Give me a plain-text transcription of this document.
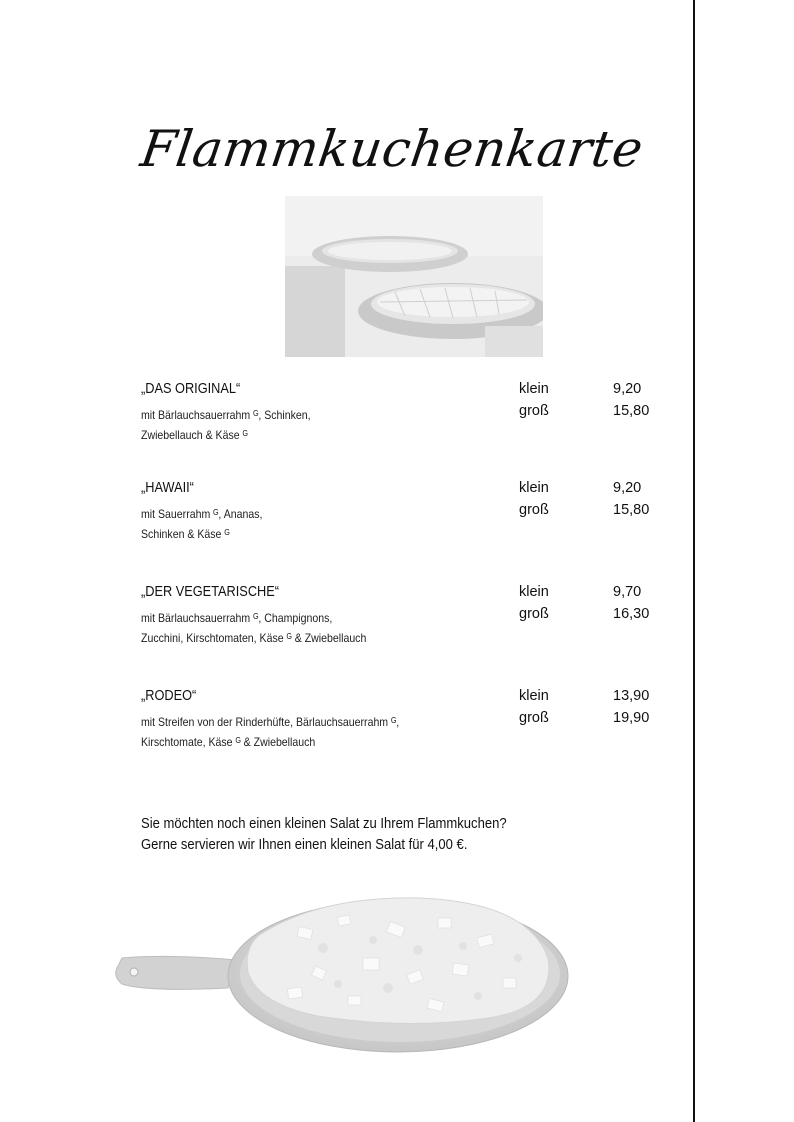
Flammkuchenkarte
„DAS ORIGINAL“
mit Bärlauchsauerrahm ᴳ, Schinken,
Zwiebellauch & Käse ᴳ
klein	9,20
groß	15,80
„HAWAII“
mit Sauerrahm ᴳ, Ananas,
Schinken & Käse ᴳ
klein	9,20
groß	15,80
„DER VEGETARISCHE“
mit Bärlauchsauerrahm ᴳ, Champignons,
Zucchini, Kirschtomaten, Käse ᴳ & Zwiebellauch
klein	9,70
groß	16,30
„RODEO“
mit Streifen von der Rinderhüfte, Bärlauchsauerrahm ᴳ,
Kirschtomate, Käse ᴳ & Zwiebellauch
klein	13,90
groß	19,90
Sie möchten noch einen kleinen Salat zu Ihrem Flammkuchen?
Gerne servieren wir Ihnen einen kleinen Salat für 4,00 €.
